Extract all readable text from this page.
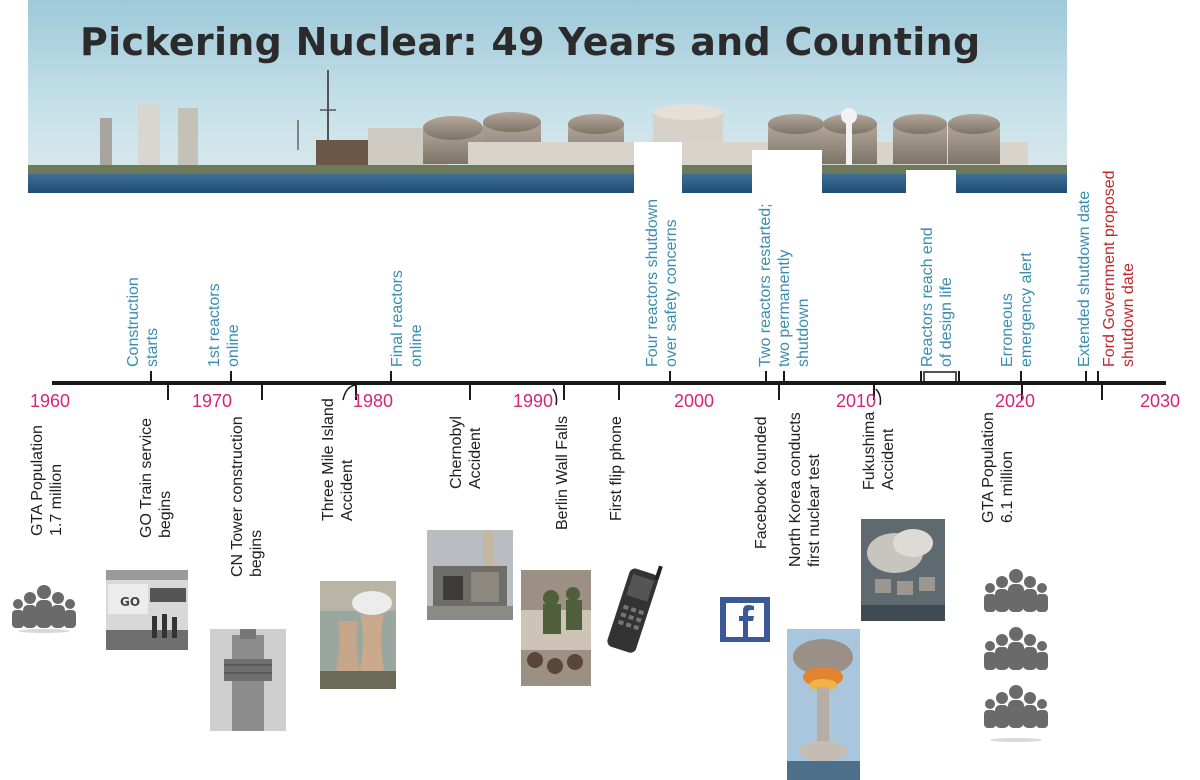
Pickering Nuclear: 49 Years and Counting
1960	1970	1980	1990	2000	2010	2020	2030
Construction starts	1st reactors online	Final reactors online	Four reactors shutdown over safety concerns	Two reactors restarted; two permanently shutdown	Reactors reach end of design life	Erroneous emergency alert	Extended shutdown date Ford Government proposed shutdown date
GTA Population 1.7 million	GO Train service begins	CN Tower construction begins
Three Mile Island Accident
Chernobyl Accident	Berlin Wall Falls First flip phone	Facebook founded North Korea conducts first nuclear test
Fukushima Accident	GTA Population 6.1 million
GO
